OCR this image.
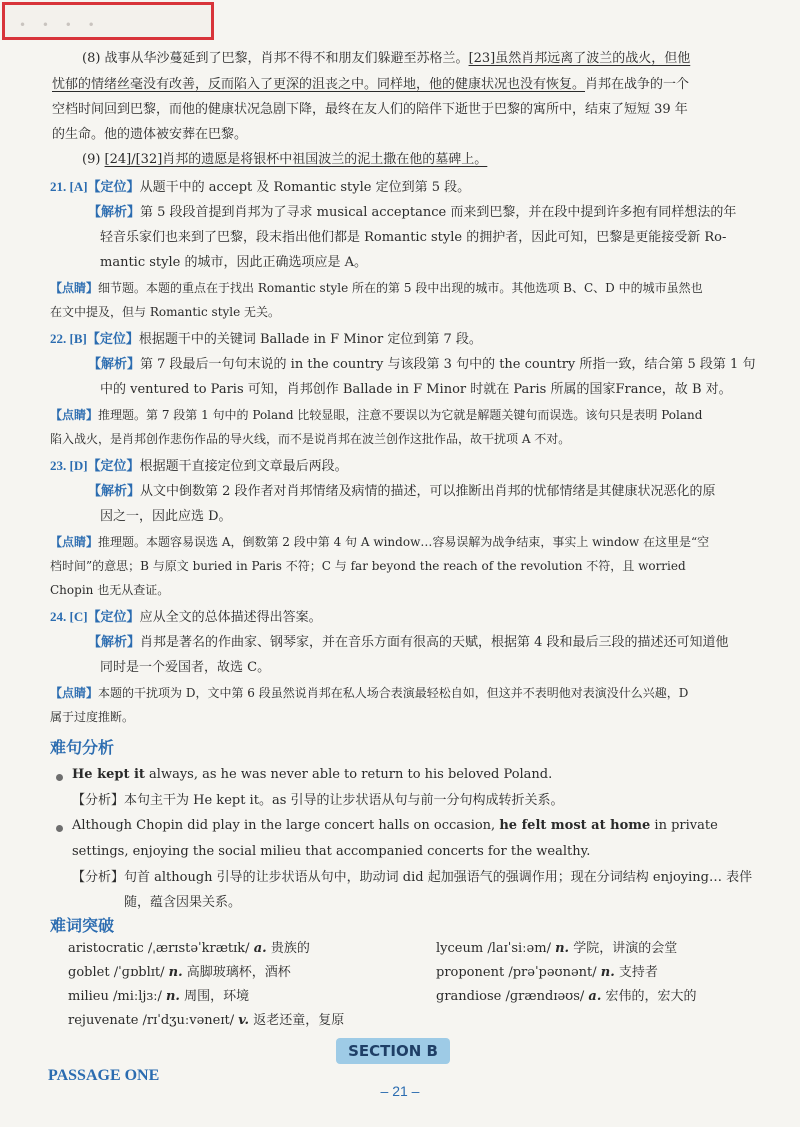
• • • •
(8) 战事从华沙蔓延到了巴黎，肖邦不得不和朋友们躲避至苏格兰。[23]虽然肖邦远离了波兰的战火，但他
忧郁的情绪丝毫没有改善，反而陷入了更深的沮丧之中。同样地，他的健康状况也没有恢复。肖邦在战争的一个
空档时间回到巴黎，而他的健康状况急剧下降，最终在友人们的陪伴下逝世于巴黎的寓所中，结束了短短 39 年
的生命。他的遗体被安葬在巴黎。
(9) [24]/[32]肖邦的遗愿是将银杯中祖国波兰的泥土撒在他的墓碑上。
21. [A]【定位】从题干中的 accept 及 Romantic style 定位到第 5 段。
【解析】第 5 段段首提到肖邦为了寻求 musical acceptance 而来到巴黎，并在段中提到许多抱有同样想法的年
轻音乐家们也来到了巴黎，段末指出他们都是 Romantic style 的拥护者，因此可知，巴黎是更能接受新 Ro-
mantic style 的城市，因此正确选项应是 A。
【点睛】细节题。本题的重点在于找出 Romantic style 所在的第 5 段中出现的城市。其他选项 B、C、D 中的城市虽然也
在文中提及，但与 Romantic style 无关。
22. [B]【定位】根据题干中的关键词 Ballade in F Minor 定位到第 7 段。
【解析】第 7 段最后一句句末说的 in the country 与该段第 3 句中的 the country 所指一致，结合第 5 段第 1 句
中的 ventured to Paris 可知，肖邦创作 Ballade in F Minor 时就在 Paris 所属的国家France，故 B 对。
【点睛】推理题。第 7 段第 1 句中的 Poland 比较显眼，注意不要误以为它就是解题关键句而误选。该句只是表明 Poland
陷入战火，是肖邦创作悲伤作品的导火线，而不是说肖邦在波兰创作这批作品，故干扰项 A 不对。
23. [D]【定位】根据题干直接定位到文章最后两段。
【解析】从文中倒数第 2 段作者对肖邦情绪及病情的描述，可以推断出肖邦的忧郁情绪是其健康状况恶化的原
因之一，因此应选 D。
【点睛】推理题。本题容易误选 A，倒数第 2 段中第 4 句 A window…容易误解为战争结束，事实上 window 在这里是“空
档时间”的意思；B 与原文 buried in Paris 不符；C 与 far beyond the reach of the revolution 不符，且 worried
Chopin 也无从查证。
24. [C]【定位】应从全文的总体描述得出答案。
【解析】肖邦是著名的作曲家、钢琴家，并在音乐方面有很高的天赋，根据第 4 段和最后三段的描述还可知道他
同时是一个爱国者，故选 C。
【点睛】本题的干扰项为 D，文中第 6 段虽然说肖邦在私人场合表演最轻松自如，但这并不表明他对表演没什么兴趣，D
属于过度推断。
难句分析
He kept it always, as he was never able to return to his beloved Poland.
【分析】本句主干为 He kept it。as 引导的让步状语从句与前一分句构成转折关系。
Although Chopin did play in the large concert halls on occasion, he felt most at home in private
settings, enjoying the social milieu that accompanied concerts for the wealthy.
【分析】句首 although 引导的让步状语从句中，助动词 did 起加强语气的强调作用；现在分词结构 enjoying… 表伴
随，蕴含因果关系。
难词突破
aristocratic /ˌærɪstəˈkrætɪk/ a. 贵族的
goblet /ˈɡɒblɪt/ n. 高脚玻璃杯，酒杯
milieu /miːljɜː/ n. 周围，环境
rejuvenate /rɪˈdʒuːvəneɪt/ v. 返老还童，复原
lyceum /laɪˈsiːəm/ n. 学院，讲演的会堂
proponent /prəˈpəʊnənt/ n. 支持者
grandiose /ɡrændɪəʊs/ a. 宏伟的，宏大的
SECTION B
PASSAGE ONE
– 21 –
